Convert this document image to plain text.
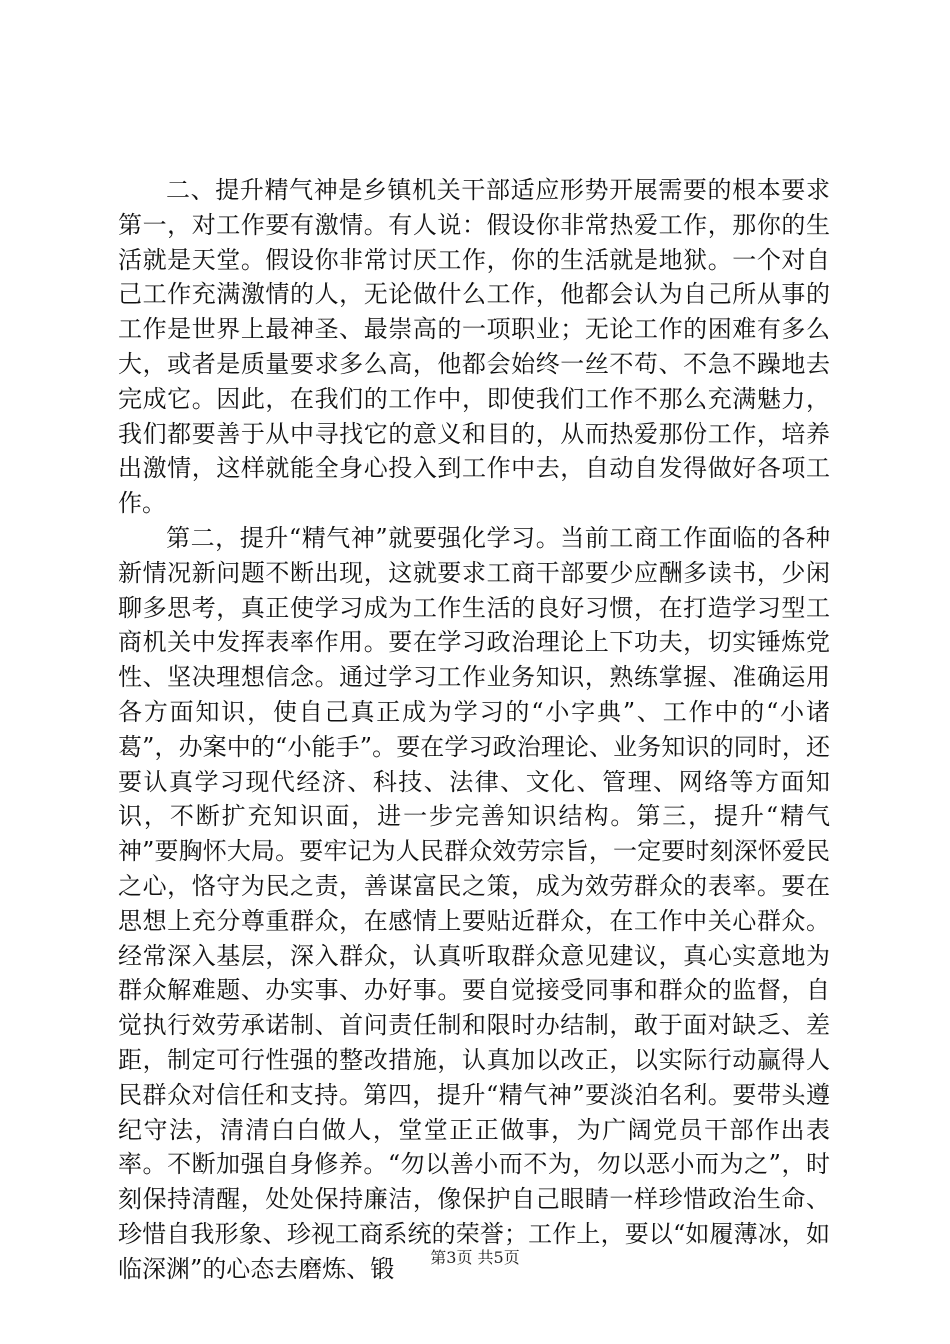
二、提升精气神是乡镇机关干部适应形势开展需要的根本要求第一，对工作要有激情。有人说：假设你非常热爱工作，那你的生活就是天堂。假设你非常讨厌工作，你的生活就是地狱。一个对自己工作充满激情的人，无论做什么工作，他都会认为自己所从事的工作是世界上最神圣、最崇高的一项职业；无论工作的困难有多么大，或者是质量要求多么高，他都会始终一丝不苟、不急不躁地去完成它。因此，在我们的工作中，即使我们工作不那么充满魅力，我们都要善于从中寻找它的意义和目的，从而热爱那份工作，培养出激情，这样就能全身心投入到工作中去，自动自发得做好各项工作。

第二，提升“精气神”就要强化学习。当前工商工作面临的各种新情况新问题不断出现，这就要求工商干部要少应酬多读书，少闲聊多思考，真正使学习成为工作生活的良好习惯，在打造学习型工商机关中发挥表率作用。要在学习政治理论上下功夫，切实锤炼党性、坚决理想信念。通过学习工作业务知识，熟练掌握、准确运用各方面知识，使自己真正成为学习的“小字典”、工作中的“小诸葛”，办案中的“小能手”。要在学习政治理论、业务知识的同时，还要认真学习现代经济、科技、法律、文化、管理、网络等方面知识，不断扩充知识面，进一步完善知识结构。第三，提升“精气神”要胸怀大局。要牢记为人民群众效劳宗旨，一定要时刻深怀爱民之心，恪守为民之责，善谋富民之策，成为效劳群众的表率。要在思想上充分尊重群众，在感情上要贴近群众，在工作中关心群众。经常深入基层，深入群众，认真听取群众意见建议，真心实意地为群众解难题、办实事、办好事。要自觉接受同事和群众的监督，自觉执行效劳承诺制、首问责任制和限时办结制，敢于面对缺乏、差距，制定可行性强的整改措施，认真加以改正，以实际行动赢得人民群众对信任和支持。第四，提升“精气神”要淡泊名利。要带头遵纪守法，清清白白做人，堂堂正正做事，为广阔党员干部作出表率。不断加强自身修养。“勿以善小而不为，勿以恶小而为之”，时刻保持清醒，处处保持廉洁，像保护自己眼睛一样珍惜政治生命、珍惜自我形象、珍视工商系统的荣誉；工作上，要以“如履薄冰，如临深渊”的心态去磨炼、锻	第3页 共5页
